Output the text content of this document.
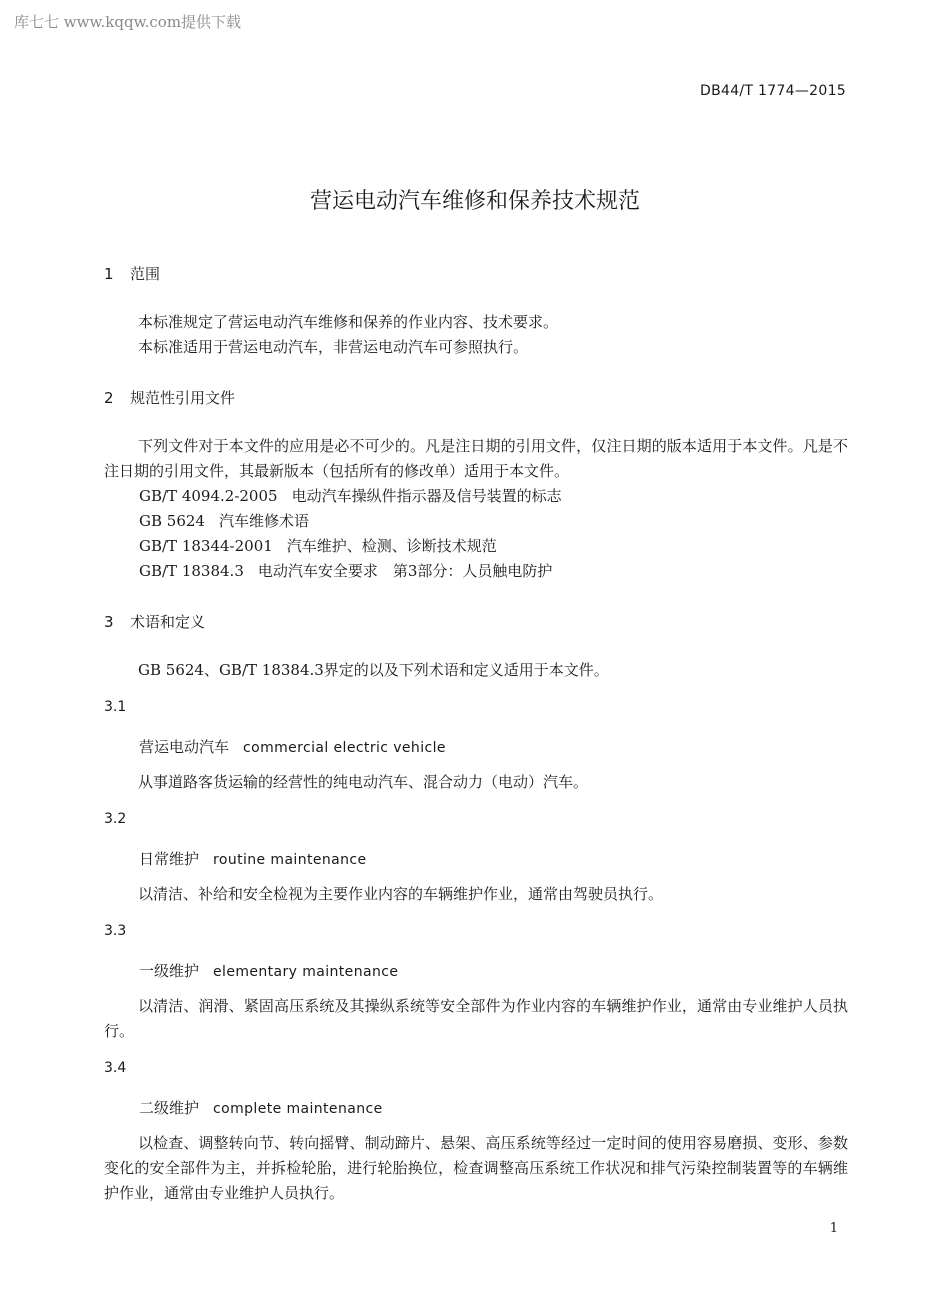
库七七 www.kqqw.com提供下载
DB44/T 1774—2015
营运电动汽车维修和保养技术规范
1 范围
本标准规定了营运电动汽车维修和保养的作业内容、技术要求。
本标准适用于营运电动汽车，非营运电动汽车可参照执行。
2 规范性引用文件
下列文件对于本文件的应用是必不可少的。凡是注日期的引用文件，仅注日期的版本适用于本文件。凡是不注日期的引用文件，其最新版本（包括所有的修改单）适用于本文件。
GB/T 4094.2-2005 电动汽车操纵件指示器及信号装置的标志
GB 5624 汽车维修术语
GB/T 18344-2001 汽车维护、检测、诊断技术规范
GB/T 18384.3 电动汽车安全要求　第3部分：人员触电防护
3 术语和定义
GB 5624、GB/T 18384.3界定的以及下列术语和定义适用于本文件。
3.1
营运电动汽车 commercial electric vehicle
从事道路客货运输的经营性的纯电动汽车、混合动力（电动）汽车。
3.2
日常维护 routine maintenance
以清洁、补给和安全检视为主要作业内容的车辆维护作业，通常由驾驶员执行。
3.3
一级维护 elementary maintenance
以清洁、润滑、紧固高压系统及其操纵系统等安全部件为作业内容的车辆维护作业，通常由专业维护人员执行。
3.4
二级维护 complete maintenance
以检查、调整转向节、转向摇臂、制动蹄片、悬架、高压系统等经过一定时间的使用容易磨损、变形、参数变化的安全部件为主，并拆检轮胎，进行轮胎换位，检查调整高压系统工作状况和排气污染控制装置等的车辆维护作业，通常由专业维护人员执行。
1
